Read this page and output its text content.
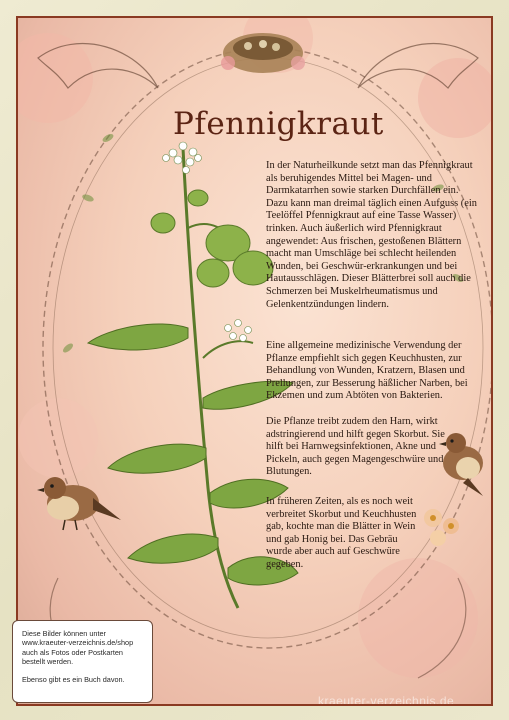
Pfennigkraut

In der Naturheilkunde setzt man das Pfennigkraut als beruhigendes Mittel bei Magen- und Darmkatarrhen sowie starken Durchfällen ein. Dazu kann man dreimal täglich einen Aufguss (ein Teelöffel Pfennigkraut auf eine Tasse Wasser) trinken. Auch äußerlich wird Pfennigkraut angewendet: Aus frischen, gestoßenen Blättern macht man Umschläge bei schlecht heilenden Wunden, bei Geschwür-erkrankungen und bei Hautausschlägen. Dieser Blätterbrei soll auch die Schmerzen bei Muskelrheumatismus und Gelenkentzündungen lindern.

Eine allgemeine medizinische Verwendung der Pflanze empfiehlt sich gegen Keuchhusten, zur Behandlung von Wunden, Kratzern, Blasen und Prellungen, zur Besserung häßlicher Narben, bei Ekzemen und zum Abtöten von Bakterien.

Die Pflanze treibt zudem den Harn, wirkt adstringierend und hilft gegen Skorbut. Sie hilft bei Harnwegsinfektionen, Akne und Pickeln, auch gegen Magengeschwüre und Blutungen.

In früheren Zeiten, als es noch weit verbreitet Skorbut und Keuchhusten gab, kochte man die Blätter in Wein und gab Honig bei. Das Gebräu wurde aber auch auf Geschwüre gegeben.

kraeuter-verzeichnis.de

Diese Bilder können unter www.kraeuter-verzeichnis.de/shop auch als Fotos oder Postkarten bestellt werden.

Ebenso gibt es ein Buch davon.
